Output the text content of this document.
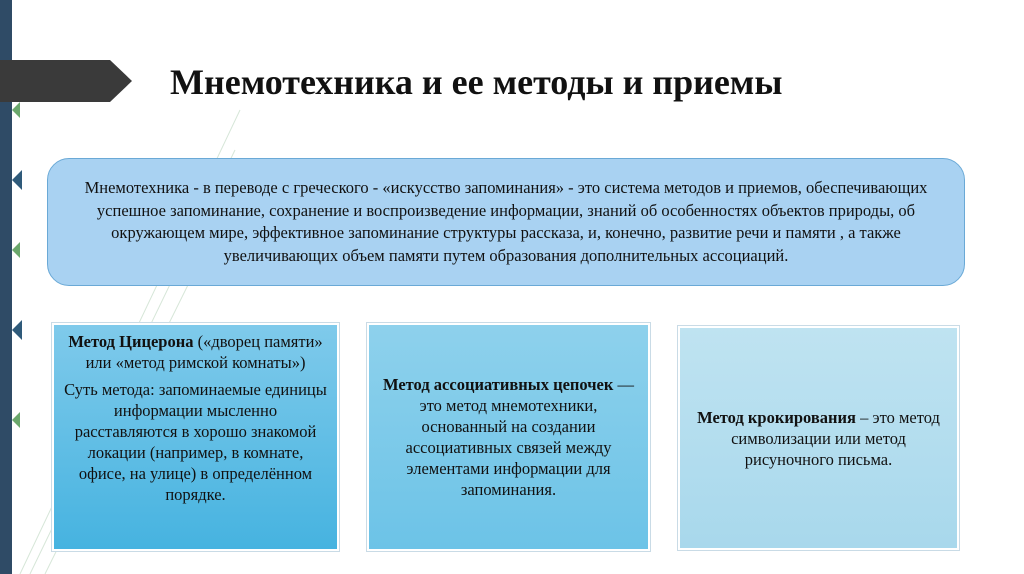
Мнемотехника и ее методы и приемы
Мнемотехника - в переводе с греческого - «искусство запоминания» - это система методов и приемов, обеспечивающих успешное запоминание, сохранение и воспроизведение информации, знаний об особенностях объектов природы, об окружающем мире, эффективное запоминание структуры рассказа, и, конечно, развитие речи и памяти , а также увеличивающих объем памяти путем образования дополнительных ассоциаций.

Метод Цицерона («дворец памяти» или «метод римской комнаты»)

Суть метода: запоминаемые единицы информации мысленно расставляются в хорошо знакомой локации (например, в комнате, офисе, на улице) в определённом порядке.

Метод ассоциативных цепочек — это метод мнемотехники, основанный на создании ассоциативных связей между элементами информации для запоминания.

Метод крокирования – это метод символизации или метод рисуночного письма.
